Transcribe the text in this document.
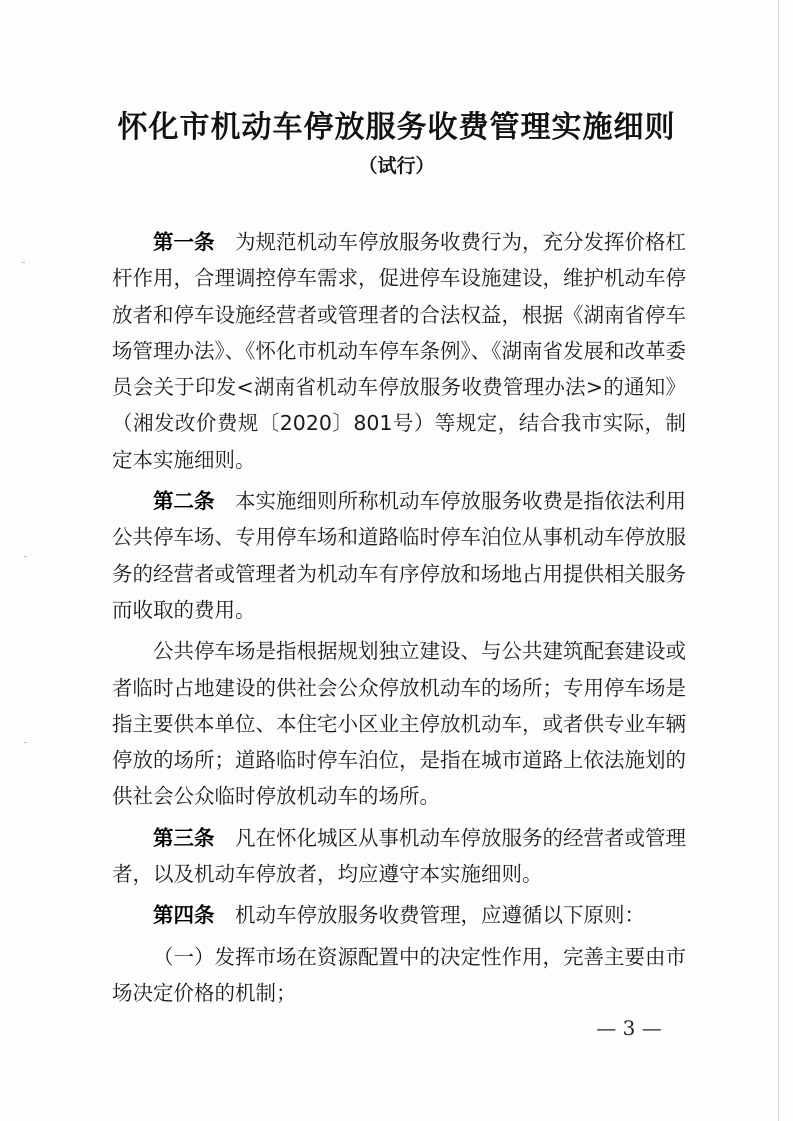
怀化市机动车停放服务收费管理实施细则
（试行）

第一条　 为规范机动车停放服务收费行为，充分发挥价格杠杆作用，合理调控停车需求，促进停车设施建设，维护机动车停放者和停车设施经营者或管理者的合法权益，根据《湖南省停车场管理办法》、《怀化市机动车停车条例》、《湖南省发展和改革委员会关于印发<湖南省机动车停放服务收费管理办法>的通知》（湘发改价费规〔2020〕801号）等规定，结合我市实际，制定本实施细则。

第二条　 本实施细则所称机动车停放服务收费是指依法利用公共停车场、专用停车场和道路临时停车泊位从事机动车停放服务的经营者或管理者为机动车有序停放和场地占用提供相关服务而收取的费用。

公共停车场是指根据规划独立建设、与公共建筑配套建设或者临时占地建设的供社会公众停放机动车的场所；专用停车场是指主要供本单位、本住宅小区业主停放机动车，或者供专业车辆停放的场所；道路临时停车泊位，是指在城市道路上依法施划的供社会公众临时停放机动车的场所。

第三条　 凡在怀化城区从事机动车停放服务的经营者或管理者，以及机动车停放者，均应遵守本实施细则。

第四条　 机动车停放服务收费管理，应遵循以下原则：

（一）发挥市场在资源配置中的决定性作用，完善主要由市场决定价格的机制；

— 3 —
